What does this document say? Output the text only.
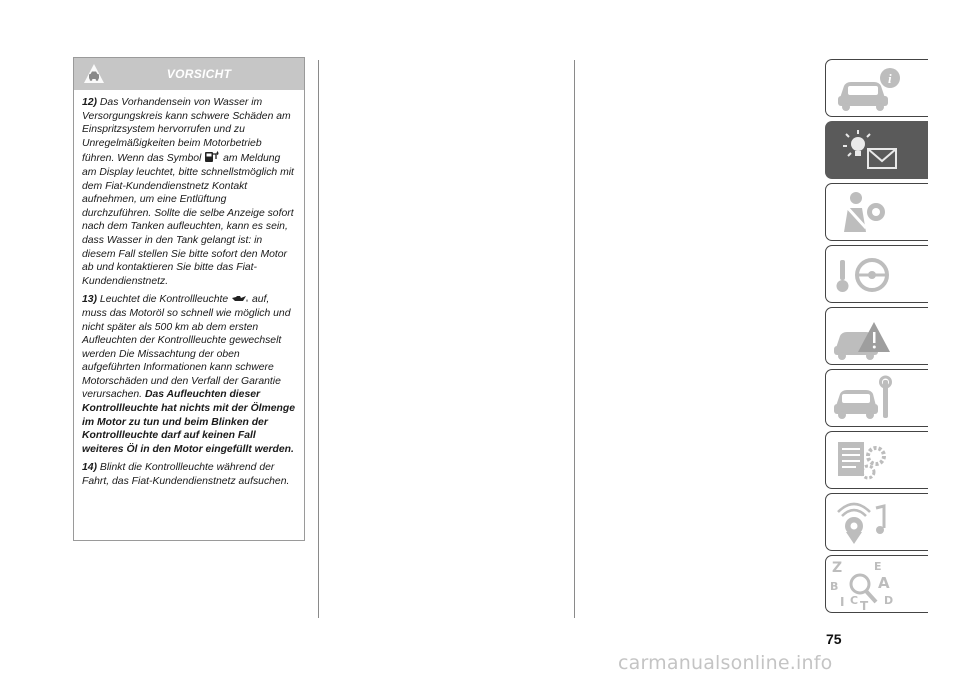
VORSICHT

12) Das Vorhandensein von Wasser im Versorgungskreis kann schwere Schäden am Einspritzsystem hervorrufen und zu Unregelmäßigkeiten beim Motorbetrieb führen. Wenn das Symbol am Meldung am Display leuchtet, bitte schnellstmöglich mit dem Fiat-Kundendienstnetz Kontakt aufnehmen, um eine Entlüftung durchzuführen. Sollte die selbe Anzeige sofort nach dem Tanken aufleuchten, kann es sein, dass Wasser in den Tank gelangt ist: in diesem Fall stellen Sie bitte sofort den Motor ab und kontaktieren Sie bitte das Fiat-Kundendienstnetz.

13) Leuchtet die Kontrollleuchte auf, muss das Motoröl so schnell wie möglich und nicht später als 500 km ab dem ersten Aufleuchten der Kontrollleuchte gewechselt werden Die Missachtung der oben aufgeführten Informationen kann schwere Motorschäden und den Verfall der Garantie verursachen. Das Aufleuchten dieser Kontrollleuchte hat nichts mit der Ölmenge im Motor zu tun und beim Blinken der Kontrollleuchte darf auf keinen Fall weiteres Öl in den Motor eingefüllt werden.

14) Blinkt die Kontrollleuchte während der Fahrt, das Fiat-Kundendienstnetz aufsuchen.

i
Z	E
B	A
I C T D
75
carmanualsonline.info
